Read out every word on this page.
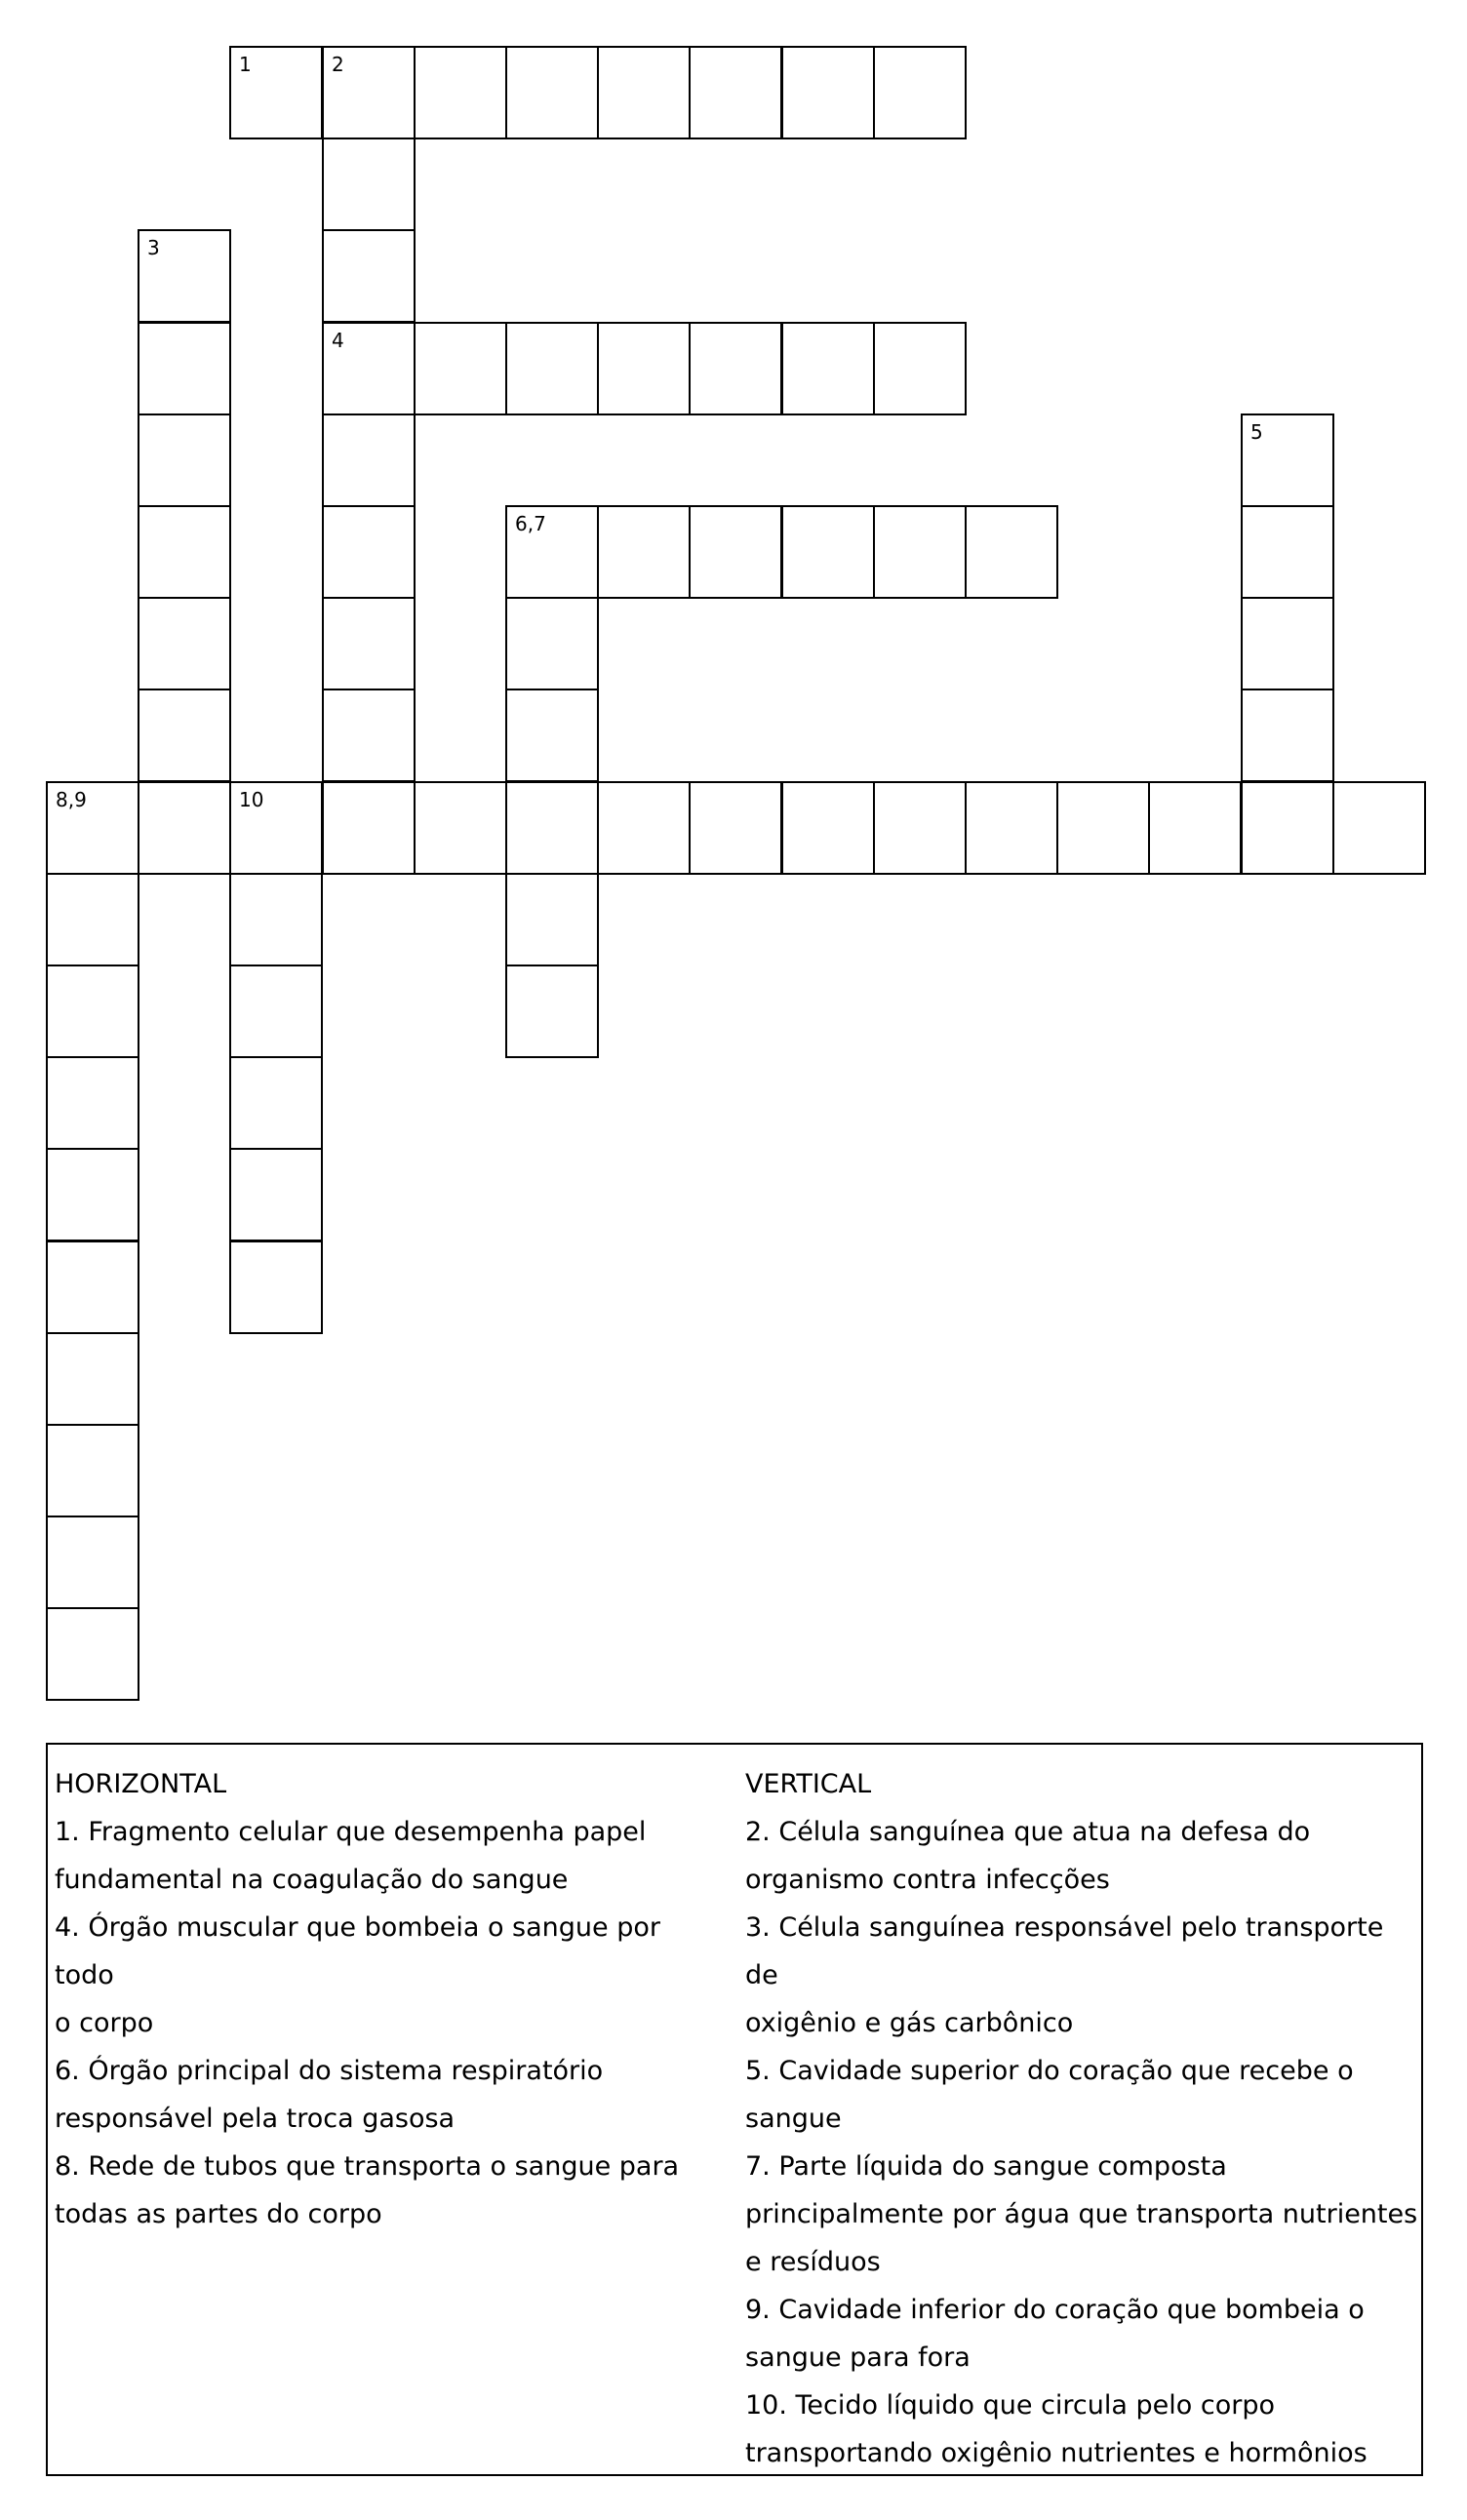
1	2
4
3
5
6,7
8,9	10
HORIZONTAL
1. Fragmento celular que desempenha papel
fundamental na coagulação do sangue
4. Órgão muscular que bombeia o sangue por todo
o corpo
6. Órgão principal do sistema respiratório
responsável pela troca gasosa
8. Rede de tubos que transporta o sangue para
todas as partes do corpo
VERTICAL
2. Célula sanguínea que atua na defesa do
organismo contra infecções
3. Célula sanguínea responsável pelo transporte de
oxigênio e gás carbônico
5. Cavidade superior do coração que recebe o
sangue
7. Parte líquida do sangue composta
principalmente por água que transporta nutrientes
e resíduos
9. Cavidade inferior do coração que bombeia o
sangue para fora
10. Tecido líquido que circula pelo corpo
transportando oxigênio nutrientes e hormônios
